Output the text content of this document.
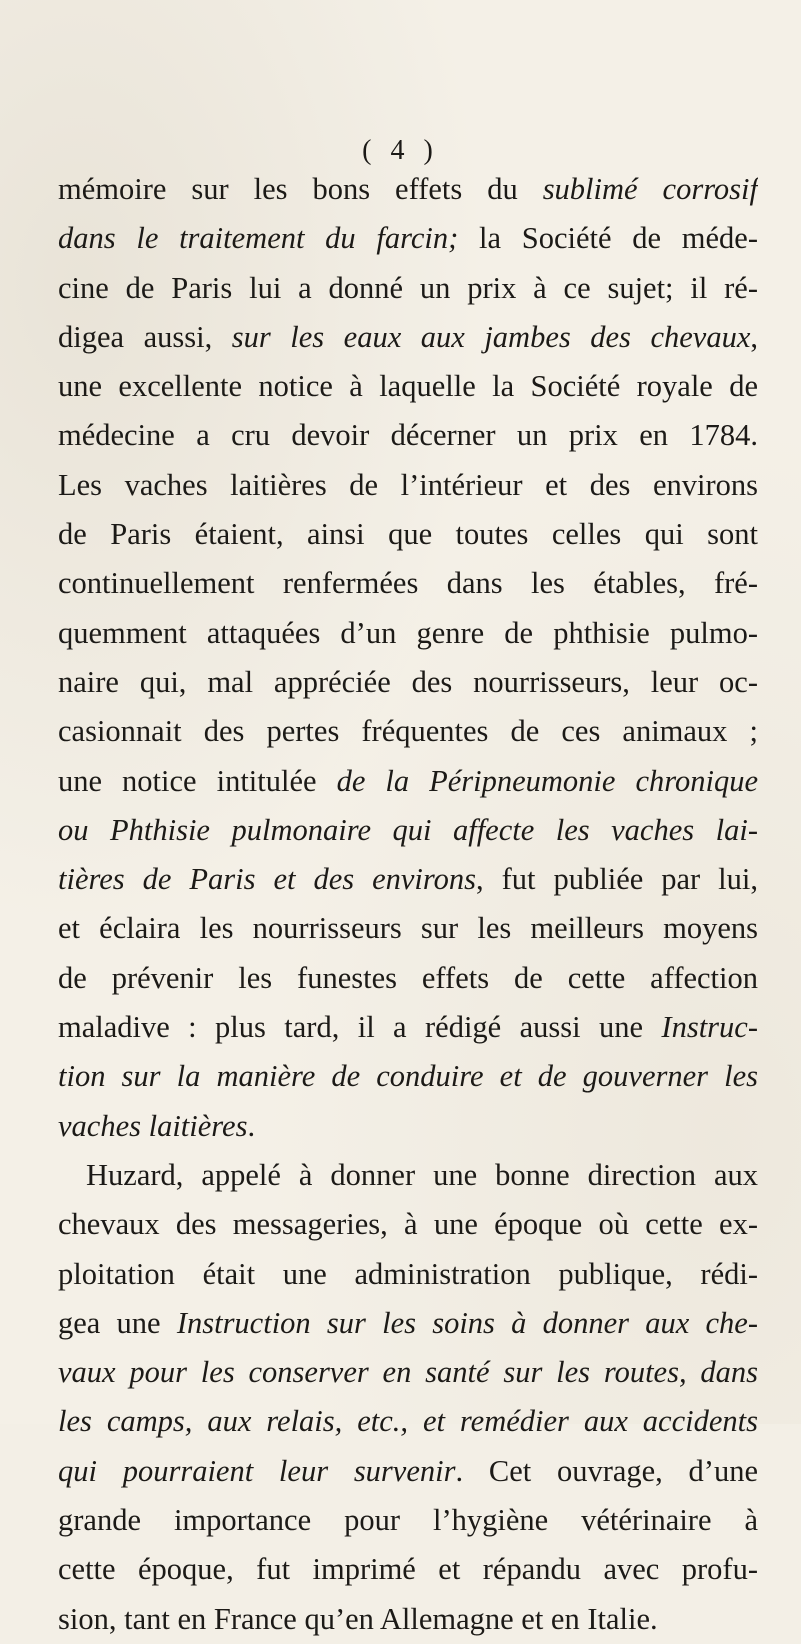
( 4 )
mémoire sur les bons effets du sublimé corrosif
dans le traitement du farcin; la Société de méde-
cine de Paris lui a donné un prix à ce sujet; il ré-
digea aussi, sur les eaux aux jambes des chevaux,
une excellente notice à laquelle la Société royale de
médecine a cru devoir décerner un prix en 1784.
Les vaches laitières de l’intérieur et des environs
de Paris étaient, ainsi que toutes celles qui sont
continuellement renfermées dans les étables, fré-
quemment attaquées d’un genre de phthisie pulmo-
naire qui, mal appréciée des nourrisseurs, leur oc-
casionnait des pertes fréquentes de ces animaux ;
une notice intitulée de la Péripneumonie chronique
ou Phthisie pulmonaire qui affecte les vaches lai-
tières de Paris et des environs, fut publiée par lui,
et éclaira les nourrisseurs sur les meilleurs moyens
de prévenir les funestes effets de cette affection
maladive : plus tard, il a rédigé aussi une Instruc-
tion sur la manière de conduire et de gouverner les
vaches laitières.
Huzard, appelé à donner une bonne direction aux
chevaux des messageries, à une époque où cette ex-
ploitation était une administration publique, rédi-
gea une Instruction sur les soins à donner aux che-
vaux pour les conserver en santé sur les routes, dans
les camps, aux relais, etc., et remédier aux accidents
qui pourraient leur survenir. Cet ouvrage, d’une
grande importance pour l’hygiène vétérinaire à
cette époque, fut imprimé et répandu avec profu-
sion, tant en France qu’en Allemagne et en Italie.
